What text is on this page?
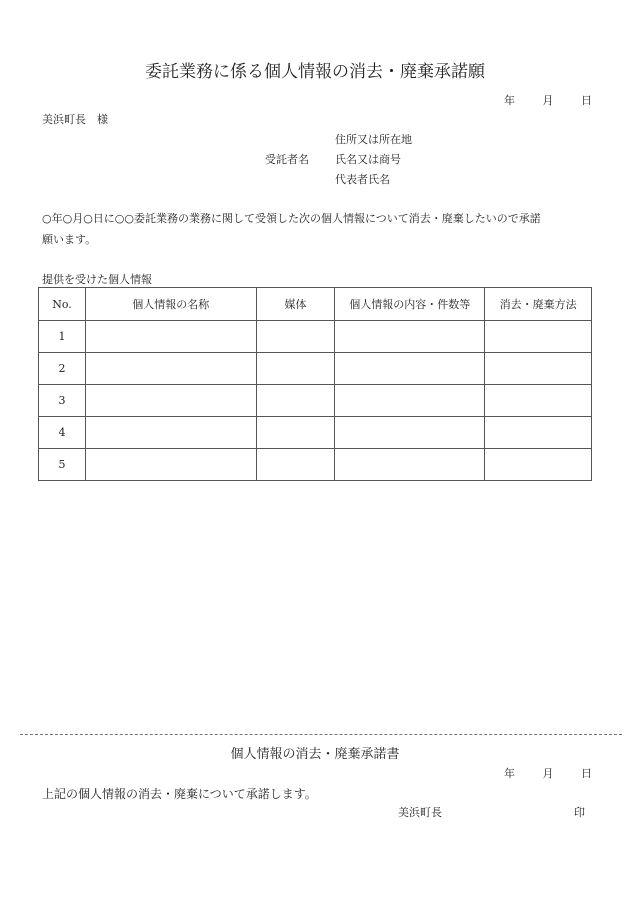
委託業務に係る個人情報の消去・廃棄承諾願
年	月	日
美浜町長　様
住所又は所在地
受託者名 氏名又は商号
代表者氏名
○年○月○日に○○委託業務の業務に関して受領した次の個人情報について消去・廃棄したいので承諾
願います。
提供を受けた個人情報
No.	個人情報の名称	媒体	個人情報の内容・件数等	消去・廃棄方法
1				
2				
3				
4				
5				
個人情報の消去・廃棄承諾書
年	月	日
上記の個人情報の消去・廃棄について承諾します。
美浜町長	印
